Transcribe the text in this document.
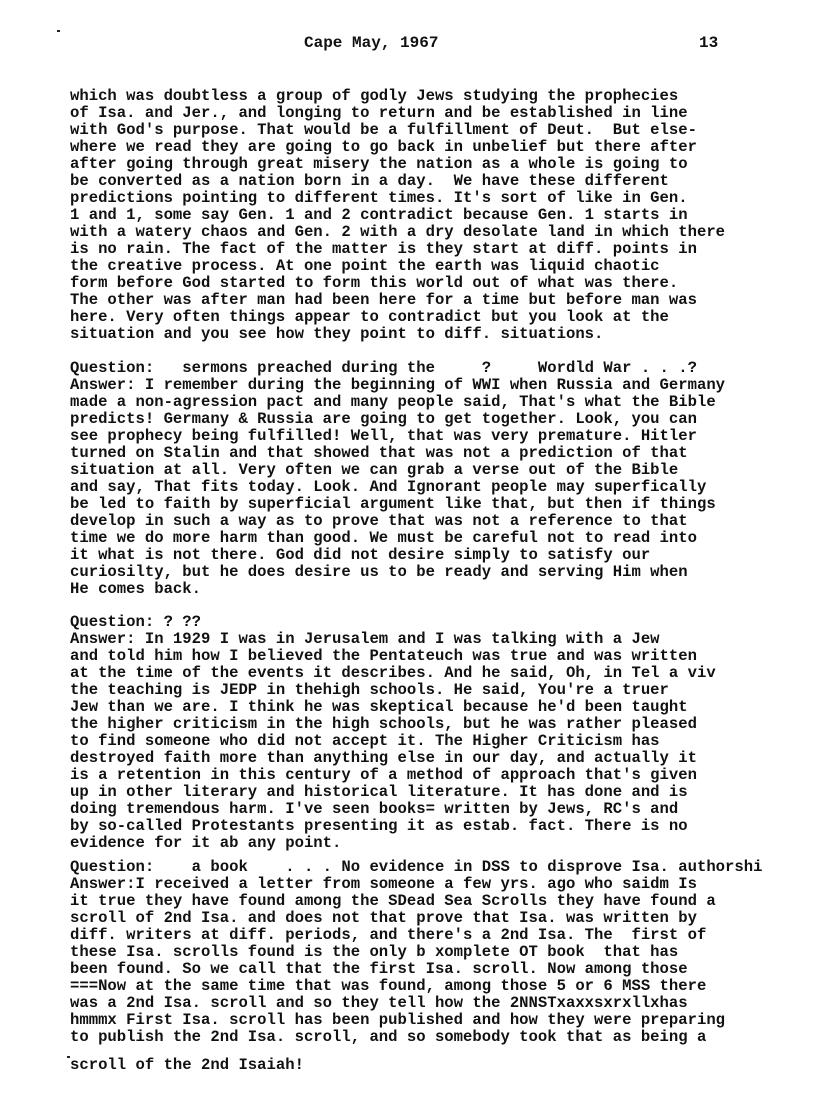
Cape May, 1967	13
which was doubtless a group of godly Jews studying the prophecies
of Isa. and Jer., and longing to return and be established in line
with God's purpose. That would be a fulfillment of Deut.  But else-
where we read they are going to go back in unbelief but there after
after going through great misery the nation as a whole is going to
be converted as a nation born in a day.  We have these different
predictions pointing to different times. It's sort of like in Gen.
1 and 1, some say Gen. 1 and 2 contradict because Gen. 1 starts in
with a watery chaos and Gen. 2 with a dry desolate land in which there
is no rain. The fact of the matter is they start at diff. points in
the creative process. At one point the earth was liquid chaotic
form before God started to form this world out of what was there.
The other was after man had been here for a time but before man was
here. Very often things appear to contradict but you look at the
situation and you see how they point to diff. situations.
Question:   sermons preached during the     ?     Wordld War . . .?
Answer: I remember during the beginning of WWI when Russia and Germany
made a non-agression pact and many people said, That's what the Bible
predicts! Germany & Russia are going to get together. Look, you can
see prophecy being fulfilled! Well, that was very premature. Hitler
turned on Stalin and that showed that was not a prediction of that
situation at all. Very often we can grab a verse out of the Bible
and say, That fits today. Look. And Ignorant people may superfically
be led to faith by superficial argument like that, but then if things
develop in such a way as to prove that was not a reference to that
time we do more harm than good. We must be careful not to read into
it what is not there. God did not desire simply to satisfy our
curiosilty, but he does desire us to be ready and serving Him when
He comes back.
Question: ? ??
Answer: In 1929 I was in Jerusalem and I was talking with a Jew
and told him how I believed the Pentateuch was true and was written
at the time of the events it describes. And he said, Oh, in Tel a viv
the teaching is JEDP in thehigh schools. He said, You're a truer
Jew than we are. I think he was skeptical because he'd been taught
the higher criticism in the high schools, but he was rather pleased
to find someone who did not accept it. The Higher Criticism has
destroyed faith more than anything else in our day, and actually it
is a retention in this century of a method of approach that's given
up in other literary and historical literature. It has done and is
doing tremendous harm. I've seen books= written by Jews, RC's and
by so-called Protestants presenting it as estab. fact. There is no
evidence for it ab any point.
Question:    a book    . . . No evidence in DSS to disprove Isa. authorshi
Answer:I received a letter from someone a few yrs. ago who saidm Is
it true they have found among the SDead Sea Scrolls they have found a
scroll of 2nd Isa. and does not that prove that Isa. was written by
diff. writers at diff. periods, and there's a 2nd Isa. The  first of
these Isa. scrolls found is the only b xomplete OT book  that has
been found. So we call that the first Isa. scroll. Now among those
===Now at the same time that was found, among those 5 or 6 MSS there
was a 2nd Isa. scroll and so they tell how the 2NNSTxaxxsxrxllxhas
hmmmx First Isa. scroll has been published and how they were preparing
to publish the 2nd Isa. scroll, and so somebody took that as being a
scroll of the 2nd Isaiah!
